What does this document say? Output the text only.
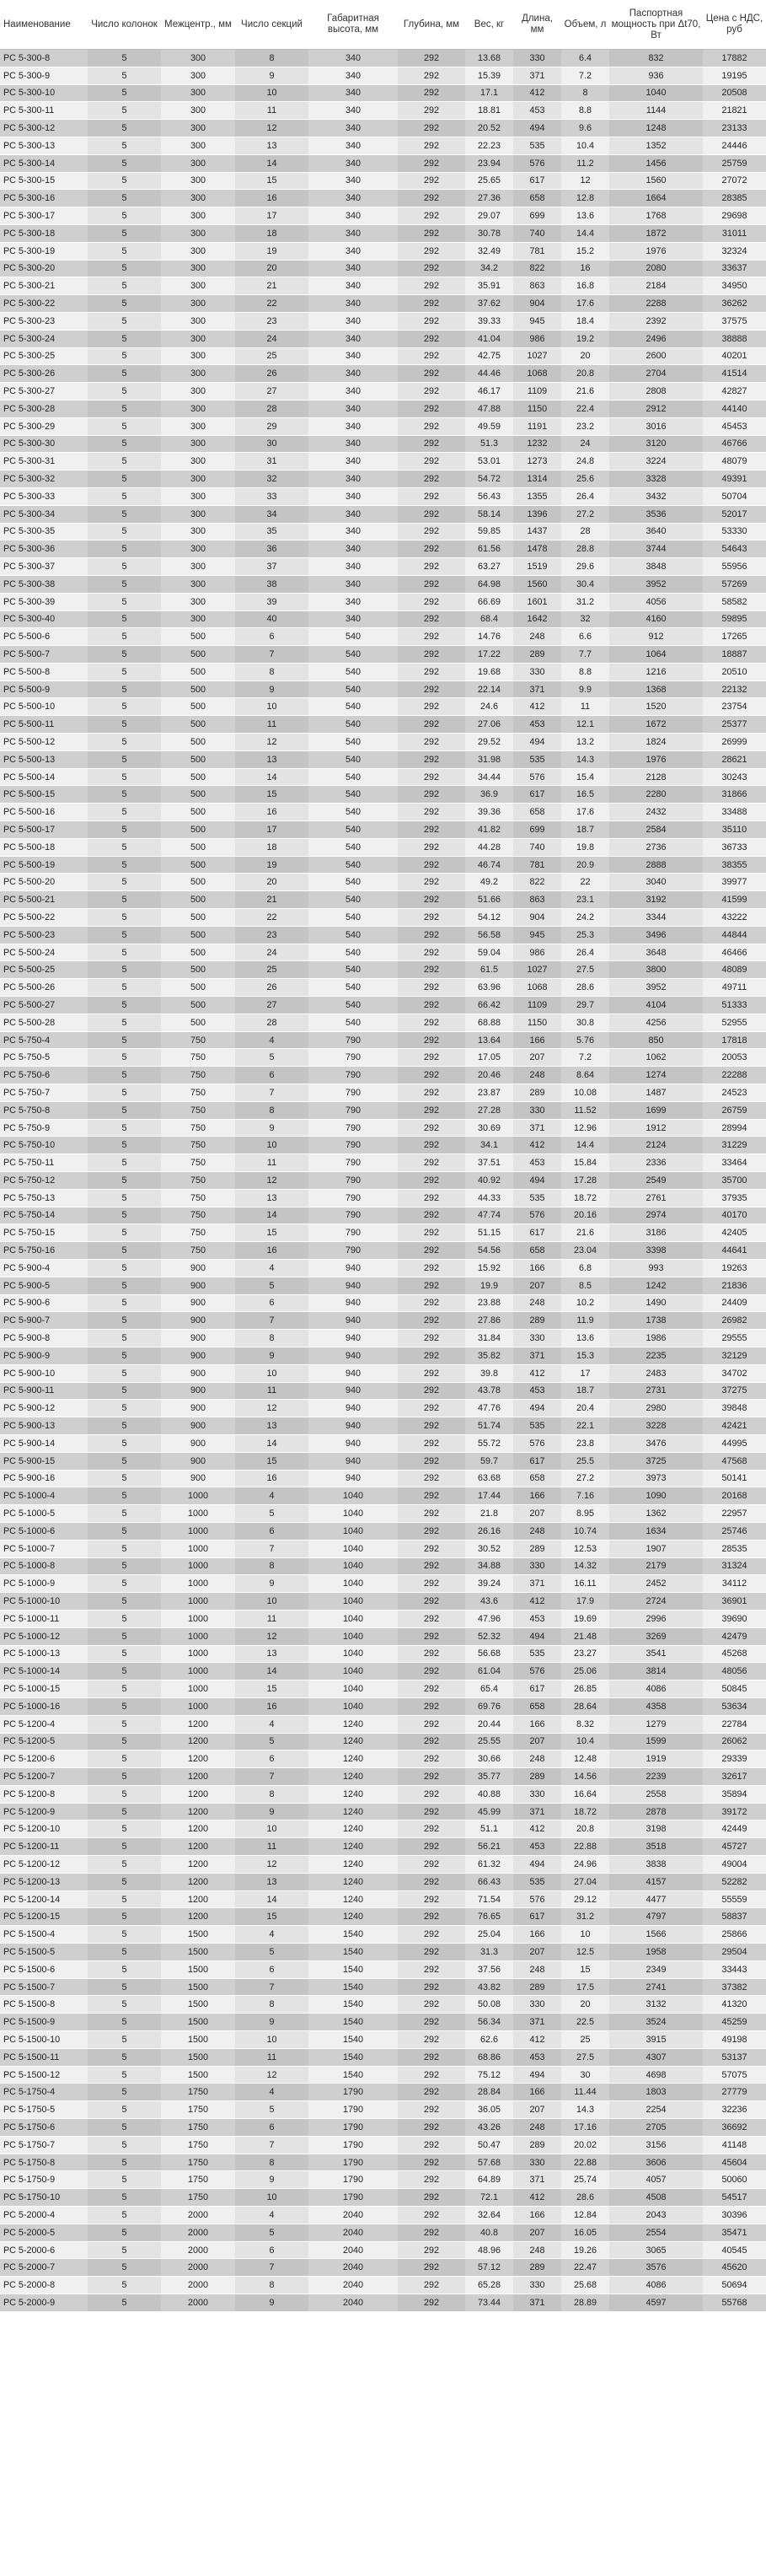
Наименование	Число колонок	Межцентр., мм	Число секций	Габаритная высота, мм	Глубина, мм	Вес, кг	Длина, мм	Объем, л	Паспортная мощность при Δt70, Вт	Цена с НДС, руб
РС 5-300-8	5	300	8	340	292	13.68	330	6.4	832	17882
РС 5-300-9	5	300	9	340	292	15.39	371	7.2	936	19195
РС 5-300-10	5	300	10	340	292	17.1	412	8	1040	20508
РС 5-300-11	5	300	11	340	292	18.81	453	8.8	1144	21821
РС 5-300-12	5	300	12	340	292	20.52	494	9.6	1248	23133
РС 5-300-13	5	300	13	340	292	22.23	535	10.4	1352	24446
РС 5-300-14	5	300	14	340	292	23.94	576	11.2	1456	25759
РС 5-300-15	5	300	15	340	292	25.65	617	12	1560	27072
РС 5-300-16	5	300	16	340	292	27.36	658	12.8	1664	28385
РС 5-300-17	5	300	17	340	292	29.07	699	13.6	1768	29698
РС 5-300-18	5	300	18	340	292	30.78	740	14.4	1872	31011
РС 5-300-19	5	300	19	340	292	32.49	781	15.2	1976	32324
РС 5-300-20	5	300	20	340	292	34.2	822	16	2080	33637
РС 5-300-21	5	300	21	340	292	35.91	863	16.8	2184	34950
РС 5-300-22	5	300	22	340	292	37.62	904	17.6	2288	36262
РС 5-300-23	5	300	23	340	292	39.33	945	18.4	2392	37575
РС 5-300-24	5	300	24	340	292	41.04	986	19.2	2496	38888
РС 5-300-25	5	300	25	340	292	42.75	1027	20	2600	40201
РС 5-300-26	5	300	26	340	292	44.46	1068	20.8	2704	41514
РС 5-300-27	5	300	27	340	292	46.17	1109	21.6	2808	42827
РС 5-300-28	5	300	28	340	292	47.88	1150	22.4	2912	44140
РС 5-300-29	5	300	29	340	292	49.59	1191	23.2	3016	45453
РС 5-300-30	5	300	30	340	292	51.3	1232	24	3120	46766
РС 5-300-31	5	300	31	340	292	53.01	1273	24.8	3224	48079
РС 5-300-32	5	300	32	340	292	54.72	1314	25.6	3328	49391
РС 5-300-33	5	300	33	340	292	56.43	1355	26.4	3432	50704
РС 5-300-34	5	300	34	340	292	58.14	1396	27.2	3536	52017
РС 5-300-35	5	300	35	340	292	59.85	1437	28	3640	53330
РС 5-300-36	5	300	36	340	292	61.56	1478	28.8	3744	54643
РС 5-300-37	5	300	37	340	292	63.27	1519	29.6	3848	55956
РС 5-300-38	5	300	38	340	292	64.98	1560	30.4	3952	57269
РС 5-300-39	5	300	39	340	292	66.69	1601	31.2	4056	58582
РС 5-300-40	5	300	40	340	292	68.4	1642	32	4160	59895
РС 5-500-6	5	500	6	540	292	14.76	248	6.6	912	17265
РС 5-500-7	5	500	7	540	292	17.22	289	7.7	1064	18887
РС 5-500-8	5	500	8	540	292	19.68	330	8.8	1216	20510
РС 5-500-9	5	500	9	540	292	22.14	371	9.9	1368	22132
РС 5-500-10	5	500	10	540	292	24.6	412	11	1520	23754
РС 5-500-11	5	500	11	540	292	27.06	453	12.1	1672	25377
РС 5-500-12	5	500	12	540	292	29.52	494	13.2	1824	26999
РС 5-500-13	5	500	13	540	292	31.98	535	14.3	1976	28621
РС 5-500-14	5	500	14	540	292	34.44	576	15.4	2128	30243
РС 5-500-15	5	500	15	540	292	36.9	617	16.5	2280	31866
РС 5-500-16	5	500	16	540	292	39.36	658	17.6	2432	33488
РС 5-500-17	5	500	17	540	292	41.82	699	18.7	2584	35110
РС 5-500-18	5	500	18	540	292	44.28	740	19.8	2736	36733
РС 5-500-19	5	500	19	540	292	46.74	781	20.9	2888	38355
РС 5-500-20	5	500	20	540	292	49.2	822	22	3040	39977
РС 5-500-21	5	500	21	540	292	51.66	863	23.1	3192	41599
РС 5-500-22	5	500	22	540	292	54.12	904	24.2	3344	43222
РС 5-500-23	5	500	23	540	292	56.58	945	25.3	3496	44844
РС 5-500-24	5	500	24	540	292	59.04	986	26.4	3648	46466
РС 5-500-25	5	500	25	540	292	61.5	1027	27.5	3800	48089
РС 5-500-26	5	500	26	540	292	63.96	1068	28.6	3952	49711
РС 5-500-27	5	500	27	540	292	66.42	1109	29.7	4104	51333
РС 5-500-28	5	500	28	540	292	68.88	1150	30.8	4256	52955
РС 5-750-4	5	750	4	790	292	13.64	166	5.76	850	17818
РС 5-750-5	5	750	5	790	292	17.05	207	7.2	1062	20053
РС 5-750-6	5	750	6	790	292	20.46	248	8.64	1274	22288
РС 5-750-7	5	750	7	790	292	23.87	289	10.08	1487	24523
РС 5-750-8	5	750	8	790	292	27.28	330	11.52	1699	26759
РС 5-750-9	5	750	9	790	292	30.69	371	12.96	1912	28994
РС 5-750-10	5	750	10	790	292	34.1	412	14.4	2124	31229
РС 5-750-11	5	750	11	790	292	37.51	453	15.84	2336	33464
РС 5-750-12	5	750	12	790	292	40.92	494	17.28	2549	35700
РС 5-750-13	5	750	13	790	292	44.33	535	18.72	2761	37935
РС 5-750-14	5	750	14	790	292	47.74	576	20.16	2974	40170
РС 5-750-15	5	750	15	790	292	51.15	617	21.6	3186	42405
РС 5-750-16	5	750	16	790	292	54.56	658	23.04	3398	44641
РС 5-900-4	5	900	4	940	292	15.92	166	6.8	993	19263
РС 5-900-5	5	900	5	940	292	19.9	207	8.5	1242	21836
РС 5-900-6	5	900	6	940	292	23.88	248	10.2	1490	24409
РС 5-900-7	5	900	7	940	292	27.86	289	11.9	1738	26982
РС 5-900-8	5	900	8	940	292	31.84	330	13.6	1986	29555
РС 5-900-9	5	900	9	940	292	35.82	371	15.3	2235	32129
РС 5-900-10	5	900	10	940	292	39.8	412	17	2483	34702
РС 5-900-11	5	900	11	940	292	43.78	453	18.7	2731	37275
РС 5-900-12	5	900	12	940	292	47.76	494	20.4	2980	39848
РС 5-900-13	5	900	13	940	292	51.74	535	22.1	3228	42421
РС 5-900-14	5	900	14	940	292	55.72	576	23.8	3476	44995
РС 5-900-15	5	900	15	940	292	59.7	617	25.5	3725	47568
РС 5-900-16	5	900	16	940	292	63.68	658	27.2	3973	50141
РС 5-1000-4	5	1000	4	1040	292	17.44	166	7.16	1090	20168
РС 5-1000-5	5	1000	5	1040	292	21.8	207	8.95	1362	22957
РС 5-1000-6	5	1000	6	1040	292	26.16	248	10.74	1634	25746
РС 5-1000-7	5	1000	7	1040	292	30.52	289	12.53	1907	28535
РС 5-1000-8	5	1000	8	1040	292	34.88	330	14.32	2179	31324
РС 5-1000-9	5	1000	9	1040	292	39.24	371	16.11	2452	34112
РС 5-1000-10	5	1000	10	1040	292	43.6	412	17.9	2724	36901
РС 5-1000-11	5	1000	11	1040	292	47.96	453	19.69	2996	39690
РС 5-1000-12	5	1000	12	1040	292	52.32	494	21.48	3269	42479
РС 5-1000-13	5	1000	13	1040	292	56.68	535	23.27	3541	45268
РС 5-1000-14	5	1000	14	1040	292	61.04	576	25.06	3814	48056
РС 5-1000-15	5	1000	15	1040	292	65.4	617	26.85	4086	50845
РС 5-1000-16	5	1000	16	1040	292	69.76	658	28.64	4358	53634
РС 5-1200-4	5	1200	4	1240	292	20.44	166	8.32	1279	22784
РС 5-1200-5	5	1200	5	1240	292	25.55	207	10.4	1599	26062
РС 5-1200-6	5	1200	6	1240	292	30.66	248	12.48	1919	29339
РС 5-1200-7	5	1200	7	1240	292	35.77	289	14.56	2239	32617
РС 5-1200-8	5	1200	8	1240	292	40.88	330	16.64	2558	35894
РС 5-1200-9	5	1200	9	1240	292	45.99	371	18.72	2878	39172
РС 5-1200-10	5	1200	10	1240	292	51.1	412	20.8	3198	42449
РС 5-1200-11	5	1200	11	1240	292	56.21	453	22.88	3518	45727
РС 5-1200-12	5	1200	12	1240	292	61.32	494	24.96	3838	49004
РС 5-1200-13	5	1200	13	1240	292	66.43	535	27.04	4157	52282
РС 5-1200-14	5	1200	14	1240	292	71.54	576	29.12	4477	55559
РС 5-1200-15	5	1200	15	1240	292	76.65	617	31.2	4797	58837
РС 5-1500-4	5	1500	4	1540	292	25.04	166	10	1566	25866
РС 5-1500-5	5	1500	5	1540	292	31.3	207	12.5	1958	29504
РС 5-1500-6	5	1500	6	1540	292	37.56	248	15	2349	33443
РС 5-1500-7	5	1500	7	1540	292	43.82	289	17.5	2741	37382
РС 5-1500-8	5	1500	8	1540	292	50.08	330	20	3132	41320
РС 5-1500-9	5	1500	9	1540	292	56.34	371	22.5	3524	45259
РС 5-1500-10	5	1500	10	1540	292	62.6	412	25	3915	49198
РС 5-1500-11	5	1500	11	1540	292	68.86	453	27.5	4307	53137
РС 5-1500-12	5	1500	12	1540	292	75.12	494	30	4698	57075
РС 5-1750-4	5	1750	4	1790	292	28.84	166	11.44	1803	27779
РС 5-1750-5	5	1750	5	1790	292	36.05	207	14.3	2254	32236
РС 5-1750-6	5	1750	6	1790	292	43.26	248	17.16	2705	36692
РС 5-1750-7	5	1750	7	1790	292	50.47	289	20.02	3156	41148
РС 5-1750-8	5	1750	8	1790	292	57.68	330	22.88	3606	45604
РС 5-1750-9	5	1750	9	1790	292	64.89	371	25.74	4057	50060
РС 5-1750-10	5	1750	10	1790	292	72.1	412	28.6	4508	54517
РС 5-2000-4	5	2000	4	2040	292	32.64	166	12.84	2043	30396
РС 5-2000-5	5	2000	5	2040	292	40.8	207	16.05	2554	35471
РС 5-2000-6	5	2000	6	2040	292	48.96	248	19.26	3065	40545
РС 5-2000-7	5	2000	7	2040	292	57.12	289	22.47	3576	45620
РС 5-2000-8	5	2000	8	2040	292	65.28	330	25.68	4086	50694
РС 5-2000-9	5	2000	9	2040	292	73.44	371	28.89	4597	55768
